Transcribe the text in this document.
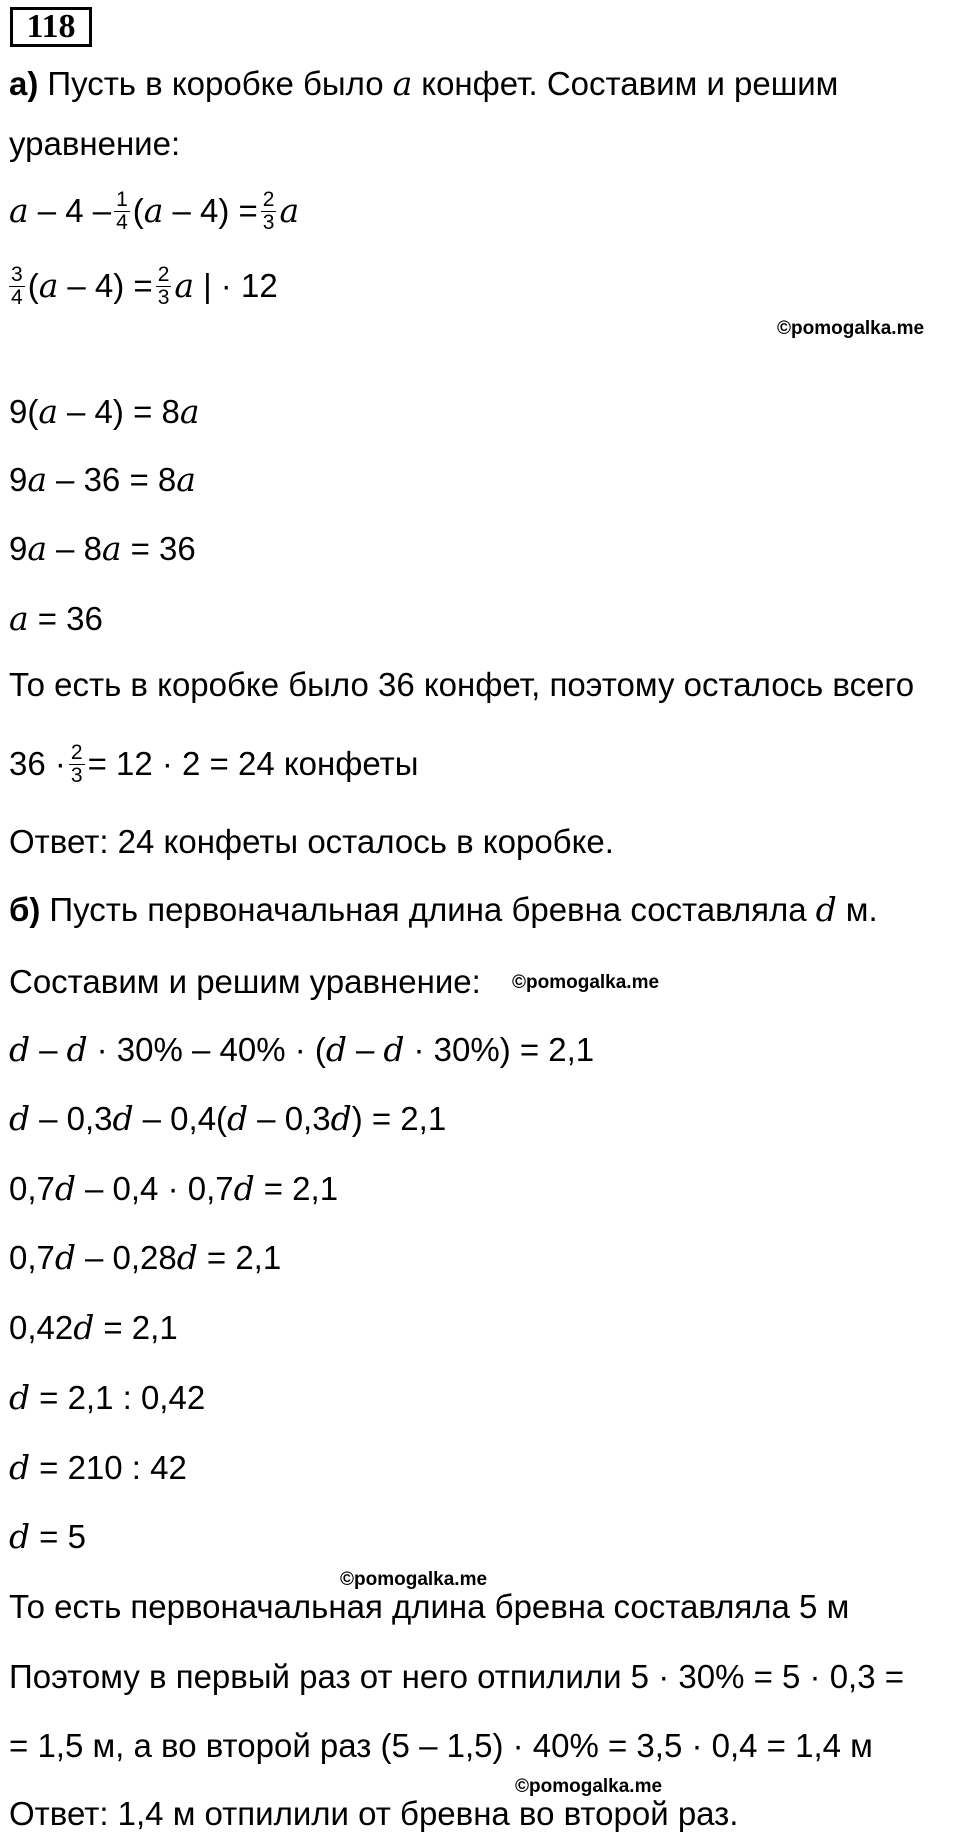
118
а) Пусть в коробке было a конфет. Составим и решим
уравнение:
a – $4 - \frac{1}{4}$ ( $a - 4) = \frac{2}{3}$ a
$\frac{3}{4}$ ( $a - 4) = \frac{2}{3}$ a | · 12
©pomogalka.me
9( a – 4) = 8 a
9 a – 36 = 8 a
9 a – 8 a = 36
a = 36
То есть в коробке было 36 конфет, поэтому осталось всего
$36 \cdot \frac{2}{3} = 12 \cdot 2 = 24$ конфеты
Ответ: 24 конфеты осталось в коробке.
б) Пусть первоначальная длина бревна составляла d м.
Составим и решим уравнение: ©pomogalka.me
d – d · 30% – 40% · ( d – d · 30%) = 2,1
d – 0,3 d – 0,4( d – 0,3 d ) = 2,1
0,7 d – 0,4 · 0,7 d = 2,1
0,7 d – 0,28 d = 2,1
0,42 d = 2,1
d = 2,1 : 0,42
d = 210 : 42
d = 5
©pomogalka.me
То есть первоначальная длина бревна составляла 5 м
Поэтому в первый раз от него отпилили 5 · 30% = 5 · 0,3 =
= 1,5 м, а во второй раз (5 – 1,5) · 40% = 3,5 · 0,4 = 1,4 м
©pomogalka.me
Ответ: 1,4 м отпилили от бревна во второй раз.
